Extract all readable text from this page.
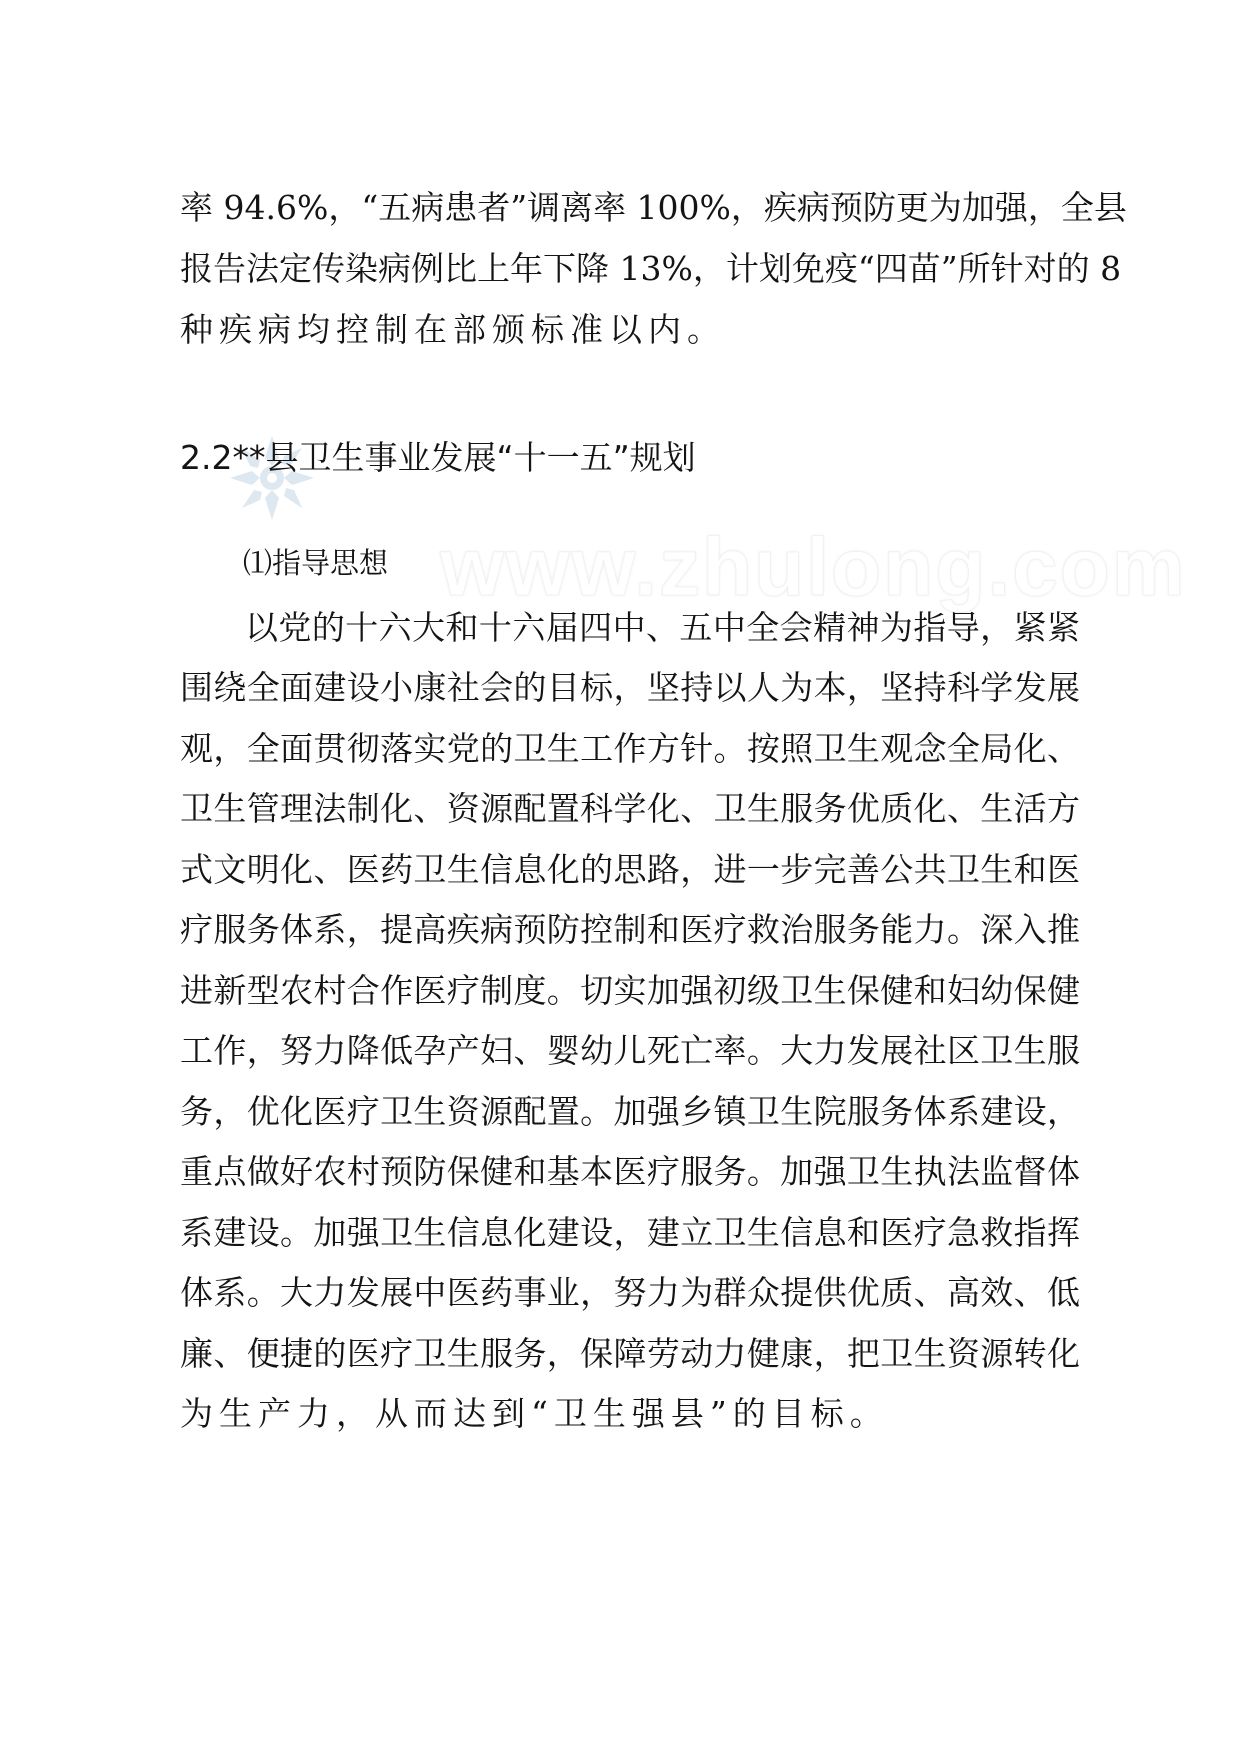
率 94.6%，“五病患者”调离率 100%，疾病预防更为加强，全县
报告法定传染病例比上年下降 13%，计划免疫“四苗”所针对的 8
种疾病均控制在部颁标准以内。
2.2**县卫生事业发展“十一五”规划
www.zhulong.com
⑴指导思想
以党的十六大和十六届四中、五中全会精神为指导，紧紧
围绕全面建设小康社会的目标，坚持以人为本，坚持科学发展
观，全面贯彻落实党的卫生工作方针。按照卫生观念全局化、
卫生管理法制化、资源配置科学化、卫生服务优质化、生活方
式文明化、医药卫生信息化的思路，进一步完善公共卫生和医
疗服务体系，提高疾病预防控制和医疗救治服务能力。深入推
进新型农村合作医疗制度。切实加强初级卫生保健和妇幼保健
工作，努力降低孕产妇、婴幼儿死亡率。大力发展社区卫生服
务，优化医疗卫生资源配置。加强乡镇卫生院服务体系建设，
重点做好农村预防保健和基本医疗服务。加强卫生执法监督体
系建设。加强卫生信息化建设，建立卫生信息和医疗急救指挥
体系。大力发展中医药事业，努力为群众提供优质、高效、低
廉、便捷的医疗卫生服务，保障劳动力健康，把卫生资源转化
为生产力，从而达到“卫生强县”的目标。
